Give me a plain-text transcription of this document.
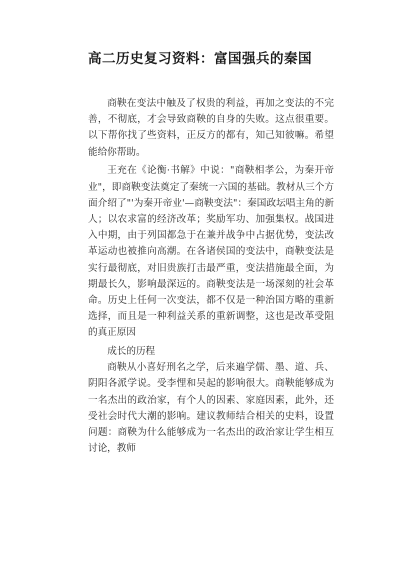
高二历史复习资料：富国强兵的秦国

商鞅在变法中触及了权贵的利益，再加之变法的不完善，不彻底，才会导致商鞅的自身的失败。这点很重要。以下帮你找了些资料，正反方的都有，知己知彼嘛。希望能给你帮助。

王充在《论衡·书解》中说："商鞅相孝公，为秦开帝业"，即商鞅变法奠定了秦统一六国的基础。教材从三个方面介绍了"'为秦开帝业'—商鞅变法"：秦国政坛唱主角的新人；以农求富的经济改革；奖励军功、加强集权。战国进入中期，由于列国都急于在兼并战争中占据优势，变法改革运动也被推向高潮。在各诸侯国的变法中，商鞅变法是实行最彻底，对旧贵族打击最严重，变法措施最全面，为期最长久，影响最深远的。商鞅变法是一场深刻的社会革命。历史上任何一次变法，都不仅是一种治国方略的重新选择，而且是一种利益关系的重新调整，这也是改革受阻的真正原因

成长的历程

商鞅从小喜好刑名之学，后来遍学儒、墨、道、兵、阴阳各派学说。受李悝和吴起的影响很大。商鞅能够成为一名杰出的政治家，有个人的因素、家庭因素，此外，还受社会时代大潮的影响。建议教师结合相关的史料，设置问题：商鞅为什么能够成为一名杰出的政治家让学生相互讨论，教师
